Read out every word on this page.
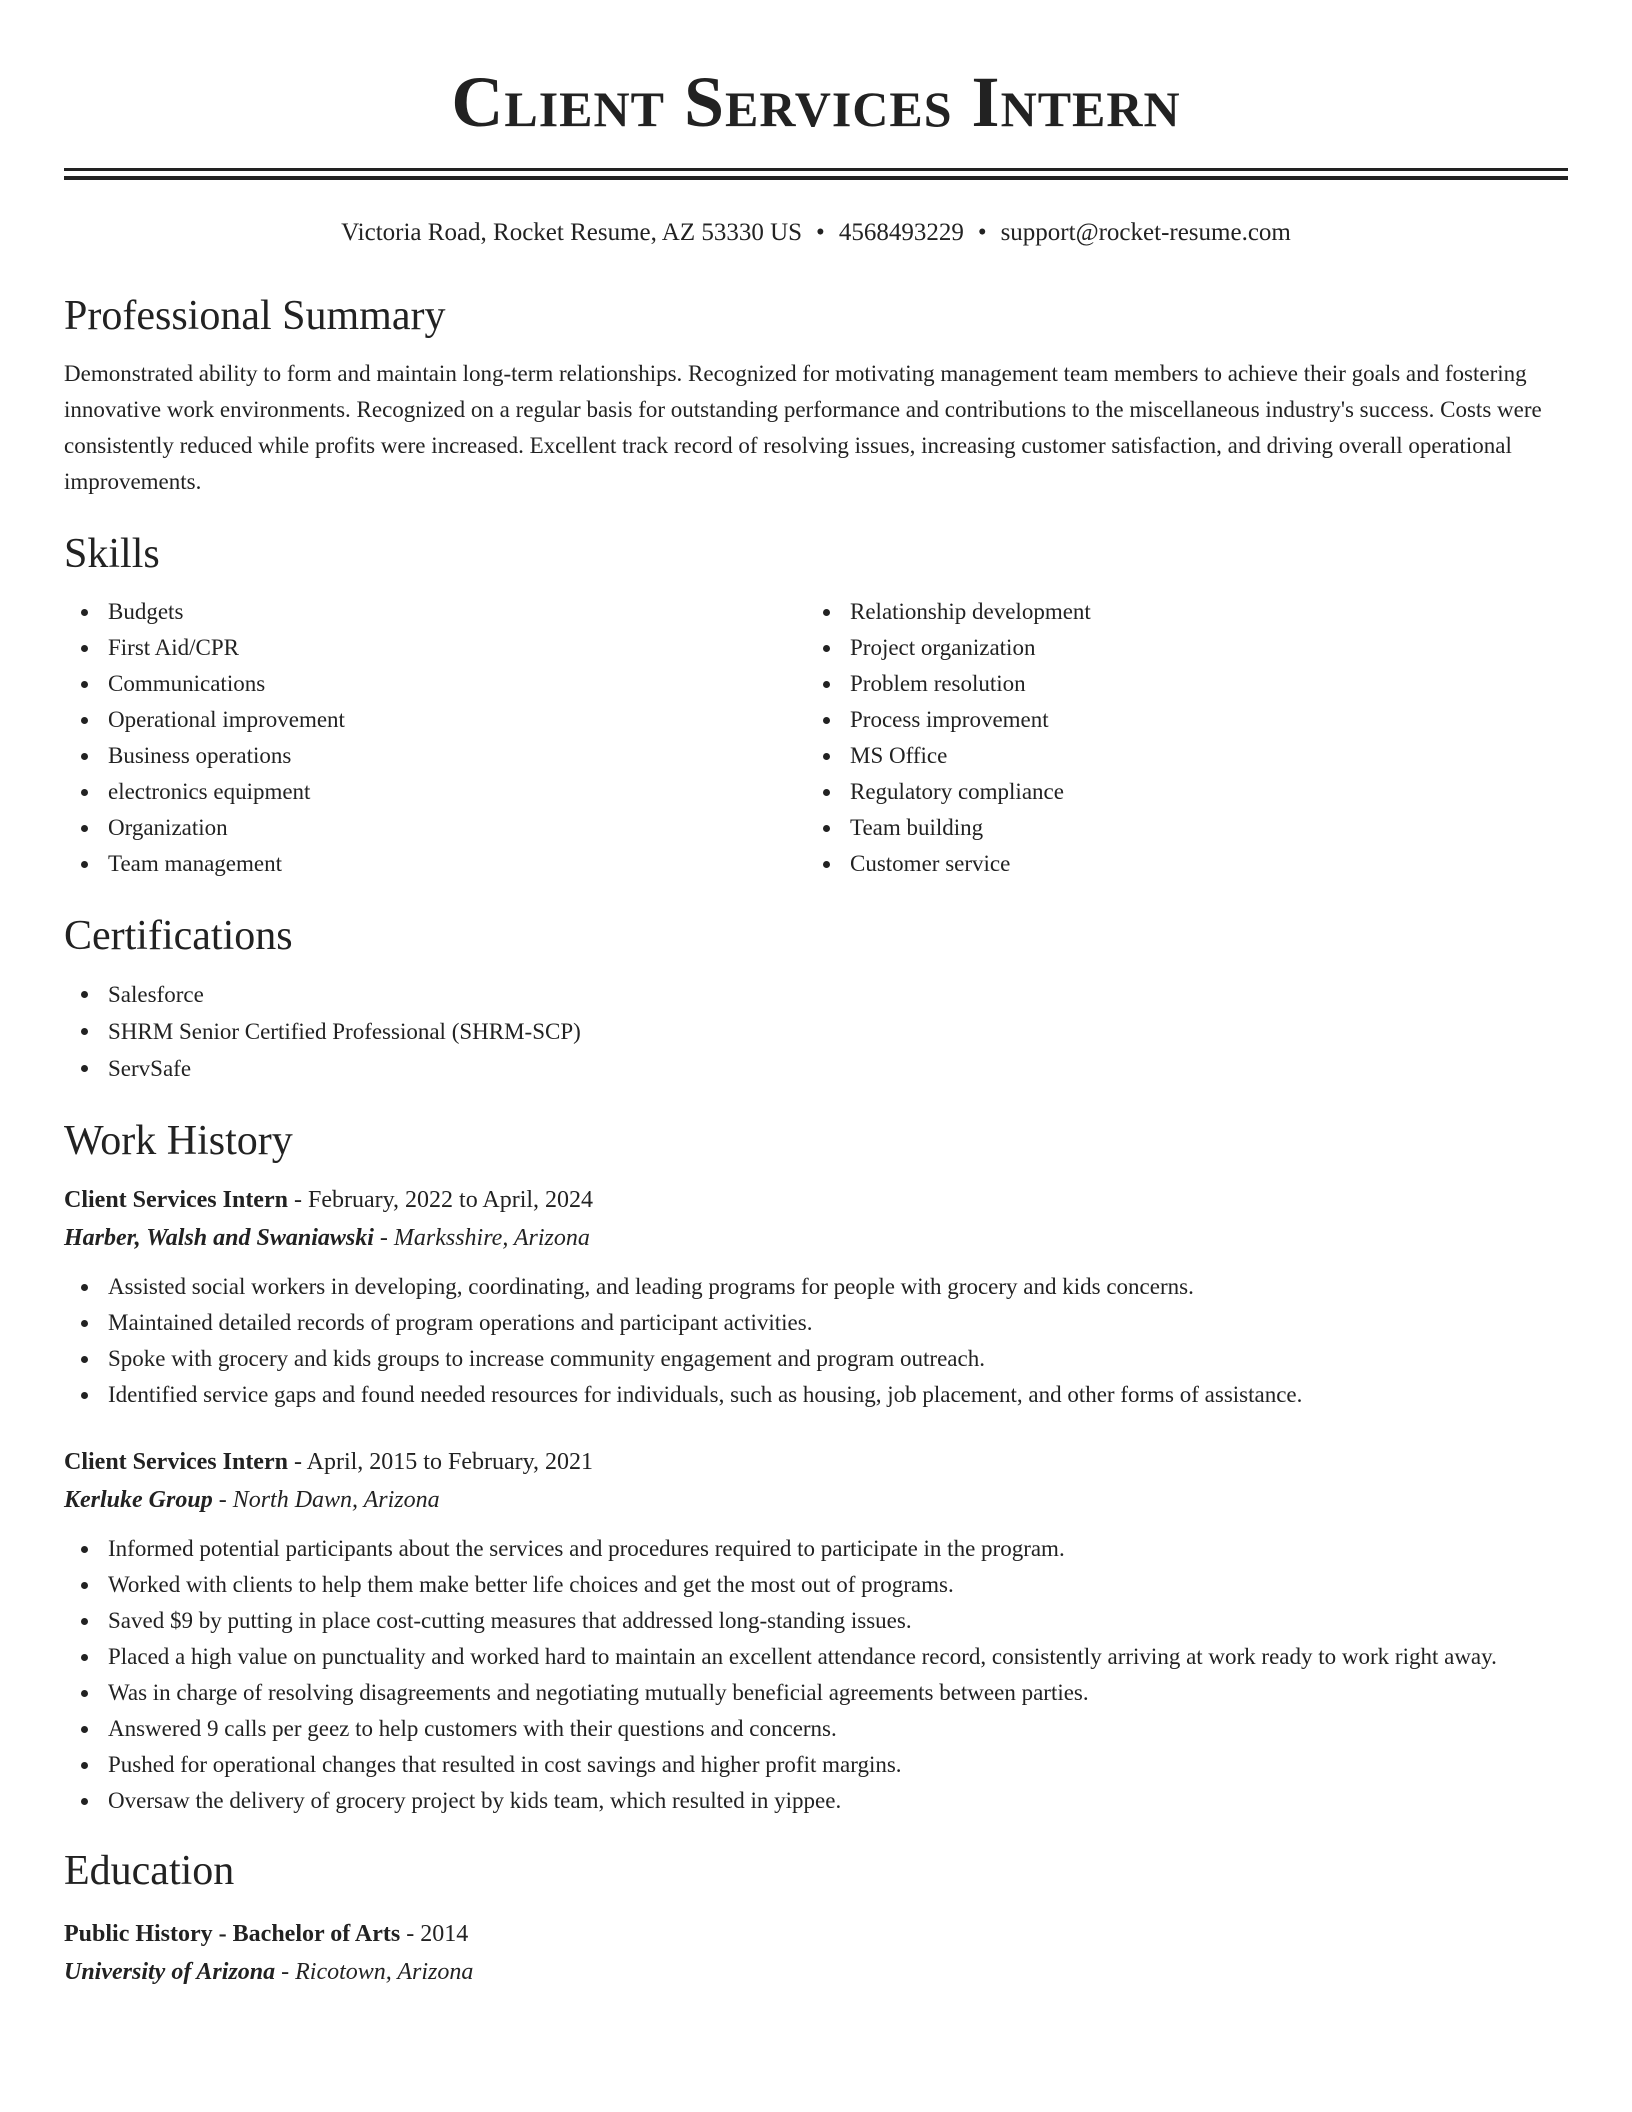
Client Services Intern
Victoria Road, Rocket Resume, AZ 53330 US • 4568493229 • support@rocket-resume.com
Professional Summary

Demonstrated ability to form and maintain long-term relationships. Recognized for motivating management team members to achieve their goals and fostering innovative work environments. Recognized on a regular basis for outstanding performance and contributions to the miscellaneous industry's success. Costs were consistently reduced while profits were increased. Excellent track record of resolving issues, increasing customer satisfaction, and driving overall operational improvements.

Skills
Budgets
First Aid/CPR
Communications
Operational improvement
Business operations
electronics equipment
Organization
Team management
Relationship development
Project organization
Problem resolution
Process improvement
MS Office
Regulatory compliance
Team building
Customer service
Certifications
Salesforce
SHRM Senior Certified Professional (SHRM-SCP)
ServSafe
Work History
Client Services Intern - February, 2022 to April, 2024
Harber, Walsh and Swaniawski - Marksshire, Arizona
Assisted social workers in developing, coordinating, and leading programs for people with grocery and kids concerns.
Maintained detailed records of program operations and participant activities.
Spoke with grocery and kids groups to increase community engagement and program outreach.
Identified service gaps and found needed resources for individuals, such as housing, job placement, and other forms of assistance.
Client Services Intern - April, 2015 to February, 2021
Kerluke Group - North Dawn, Arizona
Informed potential participants about the services and procedures required to participate in the program.
Worked with clients to help them make better life choices and get the most out of programs.
Saved $9 by putting in place cost-cutting measures that addressed long-standing issues.
Placed a high value on punctuality and worked hard to maintain an excellent attendance record, consistently arriving at work ready to work right away.
Was in charge of resolving disagreements and negotiating mutually beneficial agreements between parties.
Answered 9 calls per geez to help customers with their questions and concerns.
Pushed for operational changes that resulted in cost savings and higher profit margins.
Oversaw the delivery of grocery project by kids team, which resulted in yippee.
Education
Public History - Bachelor of Arts - 2014
University of Arizona - Ricotown, Arizona
